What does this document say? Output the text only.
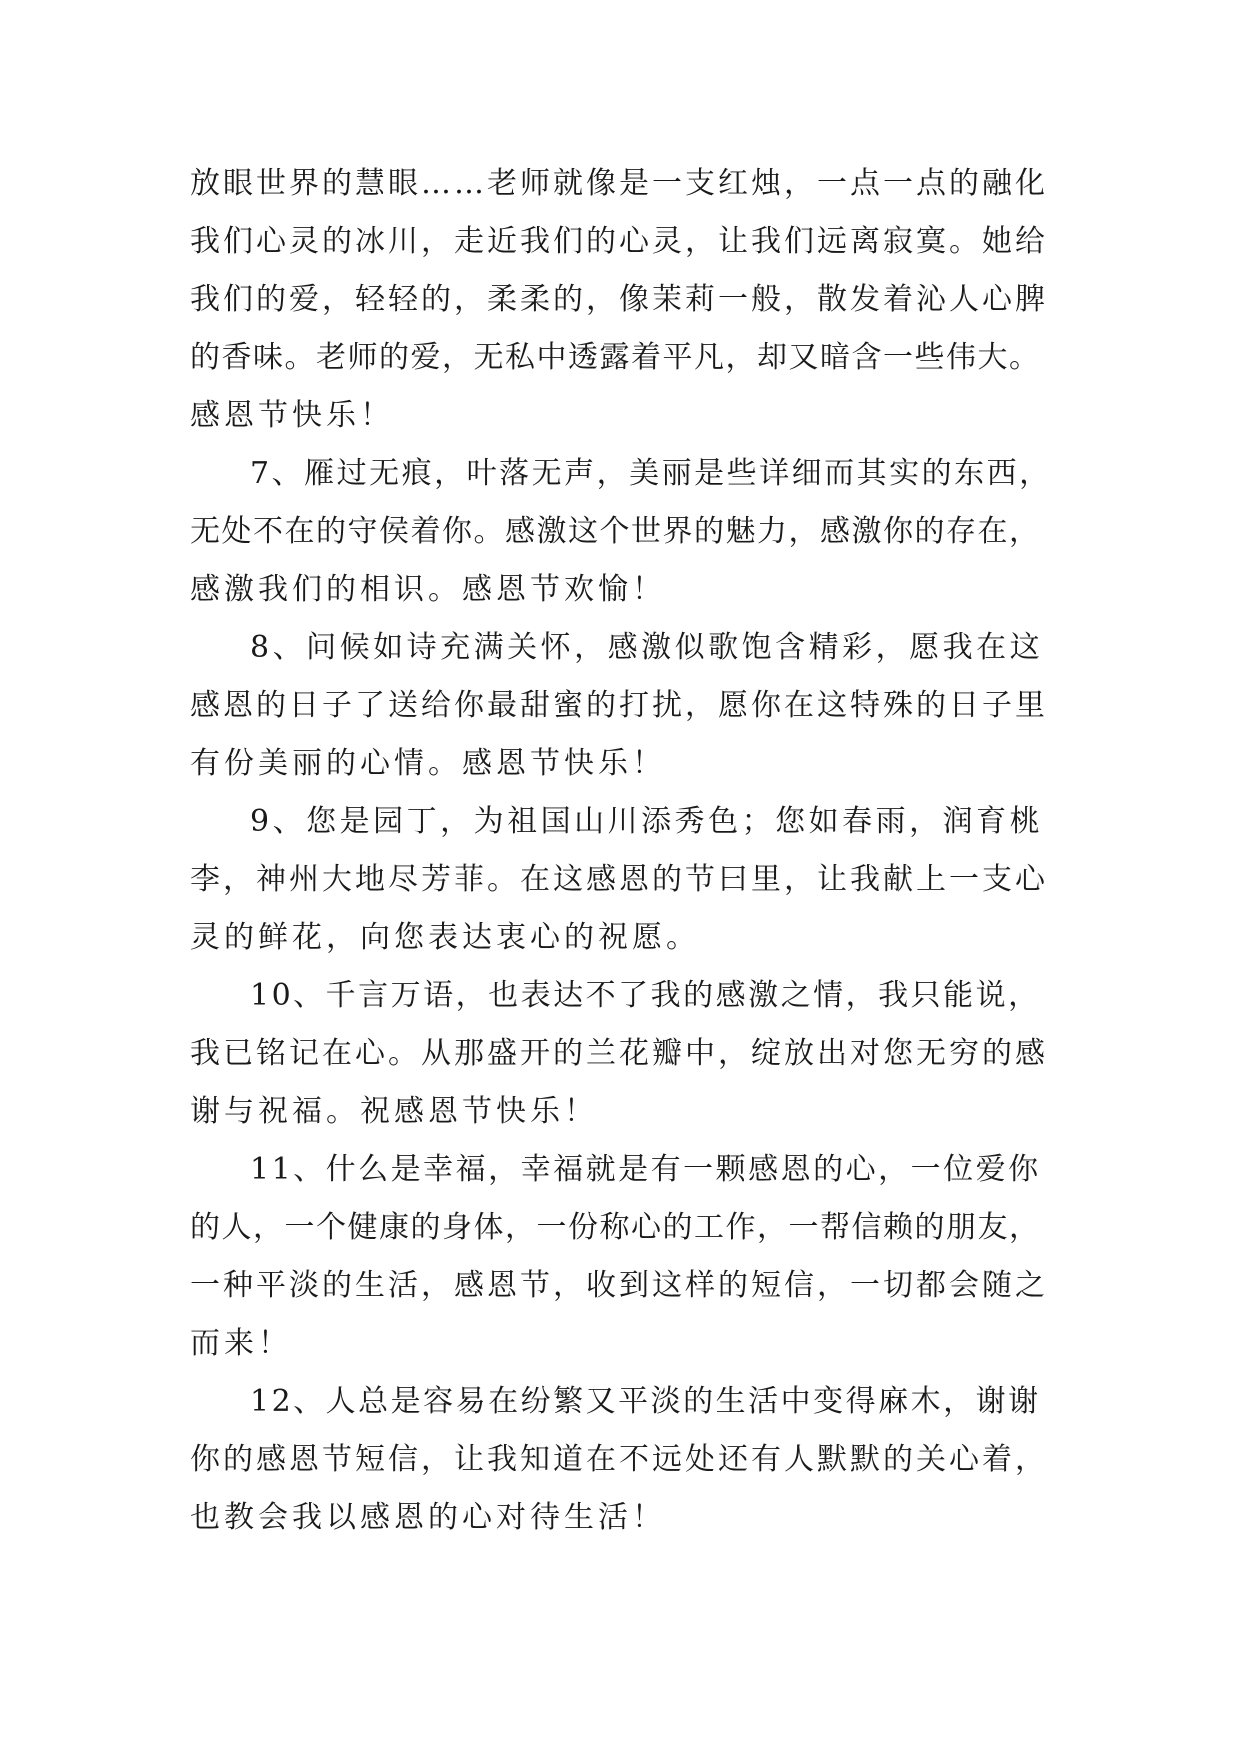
放眼世界的慧眼……老师就像是一支红烛，一点一点的融化
我们心灵的冰川，走近我们的心灵，让我们远离寂寞。她给
我们的爱，轻轻的，柔柔的，像茉莉一般，散发着沁人心脾
的香味。老师的爱，无私中透露着平凡，却又暗含一些伟大。
感恩节快乐！
7、雁过无痕，叶落无声，美丽是些详细而其实的东西，
无处不在的守侯着你。感激这个世界的魅力，感激你的存在，
感激我们的相识。感恩节欢愉！
8、问候如诗充满关怀，感激似歌饱含精彩，愿我在这
感恩的日子了送给你最甜蜜的打扰，愿你在这特殊的日子里
有份美丽的心情。感恩节快乐！
9、您是园丁，为祖国山川添秀色；您如春雨，润育桃
李，神州大地尽芳菲。在这感恩的节曰里，让我献上一支心
灵的鲜花，向您表达衷心的祝愿。
10、千言万语，也表达不了我的感激之情，我只能说，
我已铭记在心。从那盛开的兰花瓣中，绽放出对您无穷的感
谢与祝福。祝感恩节快乐！
11、什么是幸福，幸福就是有一颗感恩的心，一位爱你
的人，一个健康的身体，一份称心的工作，一帮信赖的朋友，
一种平淡的生活，感恩节，收到这样的短信，一切都会随之
而来！
12、人总是容易在纷繁又平淡的生活中变得麻木，谢谢
你的感恩节短信，让我知道在不远处还有人默默的关心着，
也教会我以感恩的心对待生活！
